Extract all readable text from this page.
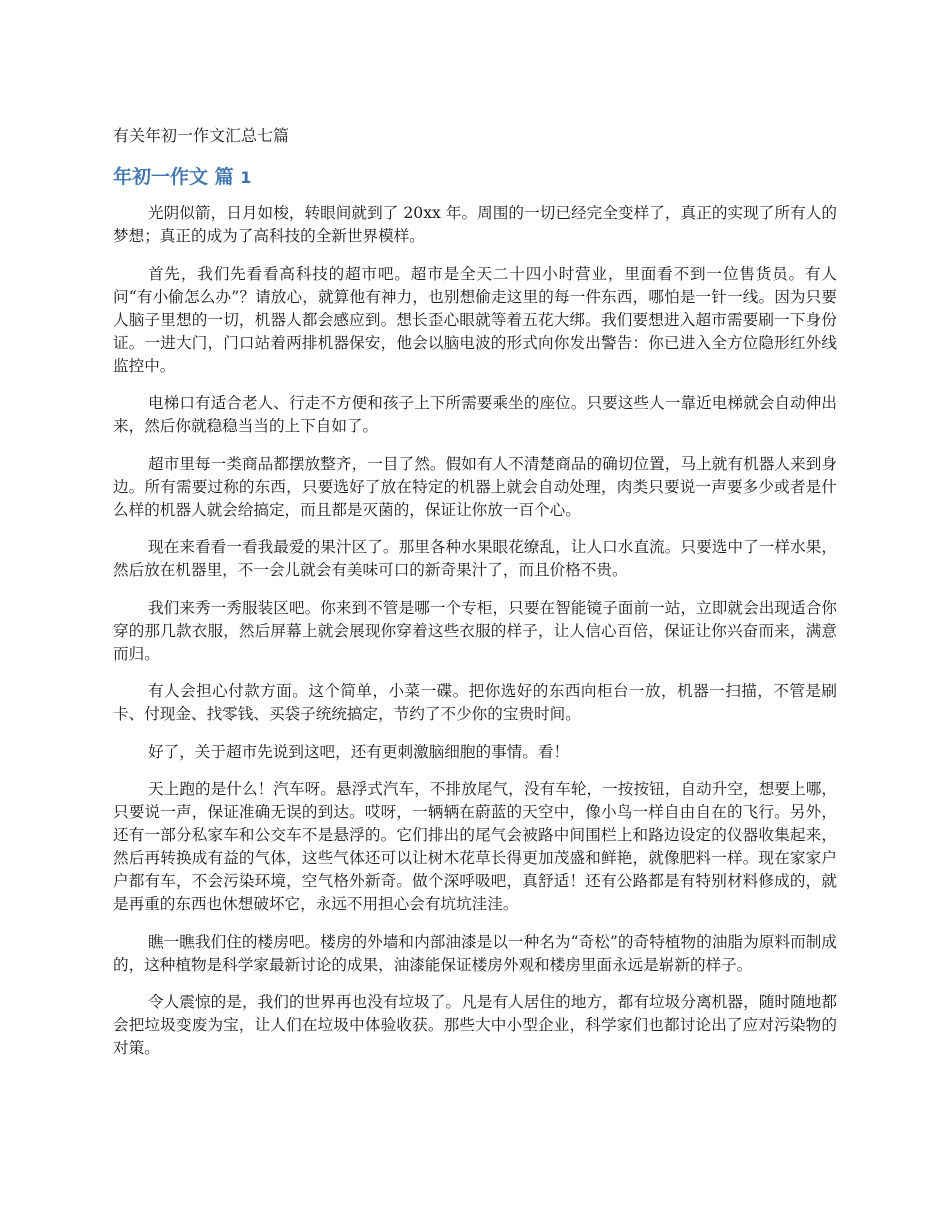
有关年初一作文汇总七篇
年初一作文 篇 1

光阴似箭，日月如梭，转眼间就到了 20xx 年。周围的一切已经完全变样了，真正的实现了所有人的梦想；真正的成为了高科技的全新世界模样。

首先，我们先看看高科技的超市吧。超市是全天二十四小时营业，里面看不到一位售货员。有人问“有小偷怎么办”？请放心，就算他有神力，也别想偷走这里的每一件东西，哪怕是一针一线。因为只要人脑子里想的一切，机器人都会感应到。想长歪心眼就等着五花大绑。我们要想进入超市需要刷一下身份证。一进大门，门口站着两排机器保安，他会以脑电波的形式向你发出警告：你已进入全方位隐形红外线监控中。

电梯口有适合老人、行走不方便和孩子上下所需要乘坐的座位。只要这些人一靠近电梯就会自动伸出来，然后你就稳稳当当的上下自如了。

超市里每一类商品都摆放整齐，一目了然。假如有人不清楚商品的确切位置，马上就有机器人来到身边。所有需要过称的东西，只要选好了放在特定的机器上就会自动处理，肉类只要说一声要多少或者是什么样的机器人就会给搞定，而且都是灭菌的，保证让你放一百个心。

现在来看看一看我最爱的果汁区了。那里各种水果眼花缭乱，让人口水直流。只要选中了一样水果，然后放在机器里，不一会儿就会有美味可口的新奇果汁了，而且价格不贵。

我们来秀一秀服装区吧。你来到不管是哪一个专柜，只要在智能镜子面前一站，立即就会出现适合你穿的那几款衣服，然后屏幕上就会展现你穿着这些衣服的样子，让人信心百倍，保证让你兴奋而来，满意而归。

有人会担心付款方面。这个简单，小菜一碟。把你选好的东西向柜台一放，机器一扫描，不管是刷卡、付现金、找零钱、买袋子统统搞定，节约了不少你的宝贵时间。

好了，关于超市先说到这吧，还有更刺激脑细胞的事情。看！

天上跑的是什么！汽车呀。悬浮式汽车，不排放尾气，没有车轮，一按按钮，自动升空，想要上哪，只要说一声，保证准确无误的到达。哎呀，一辆辆在蔚蓝的天空中，像小鸟一样自由自在的飞行。另外，还有一部分私家车和公交车不是悬浮的。它们排出的尾气会被路中间围栏上和路边设定的仪器收集起来，然后再转换成有益的气体，这些气体还可以让树木花草长得更加茂盛和鲜艳，就像肥料一样。现在家家户户都有车，不会污染环境，空气格外新奇。做个深呼吸吧，真舒适！还有公路都是有特别材料修成的，就是再重的东西也休想破坏它，永远不用担心会有坑坑洼洼。

瞧一瞧我们住的楼房吧。楼房的外墙和内部油漆是以一种名为“奇松”的奇特植物的油脂为原料而制成的，这种植物是科学家最新讨论的成果，油漆能保证楼房外观和楼房里面永远是崭新的样子。

令人震惊的是，我们的世界再也没有垃圾了。凡是有人居住的地方，都有垃圾分离机器，随时随地都会把垃圾变废为宝，让人们在垃圾中体验收获。那些大中小型企业，科学家们也都讨论出了应对污染物的对策。
